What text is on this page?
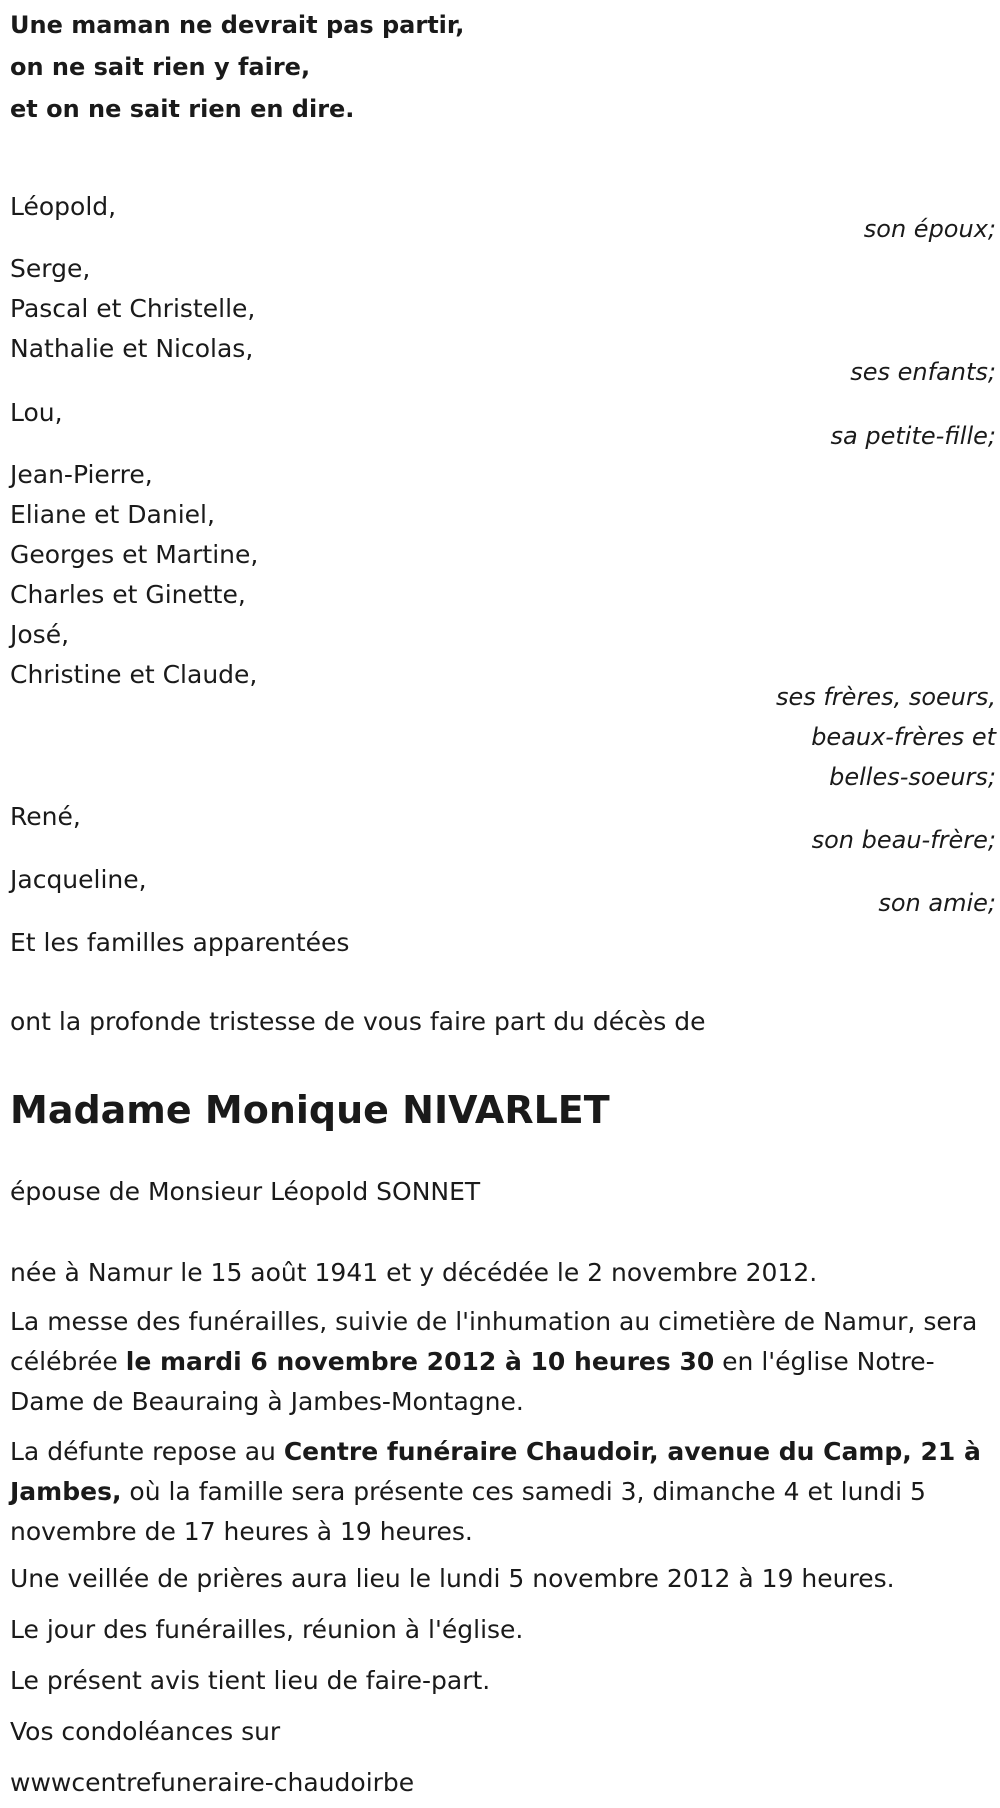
Une maman ne devrait pas partir,
on ne sait rien y faire,
et on ne sait rien en dire.
Léopold,
son époux;
Serge,
Pascal et Christelle,
Nathalie et Nicolas,
ses enfants;
Lou,
sa petite-fille;
Jean-Pierre,
Eliane et Daniel,
Georges et Martine,
Charles et Ginette,
José,
Christine et Claude,
ses frères, soeurs,
beaux-frères et
belles-soeurs;
René,
son beau-frère;
Jacqueline,
son amie;
Et les familles apparentées
ont la profonde tristesse de vous faire part du décès de
Madame Monique NIVARLET
épouse de Monsieur Léopold SONNET
née à Namur le 15 août 1941 et y décédée le 2 novembre 2012.
La messe des funérailles, suivie de l'inhumation au cimetière de Namur, sera célébrée le mardi 6 novembre 2012 à 10 heures 30 en l'église Notre-Dame de Beauraing à Jambes-Montagne.
La défunte repose au Centre funéraire Chaudoir, avenue du Camp, 21 à Jambes, où la famille sera présente ces samedi 3, dimanche 4 et lundi 5 novembre de 17 heures à 19 heures.
Une veillée de prières aura lieu le lundi 5 novembre 2012 à 19 heures.
Le jour des funérailles, réunion à l'église.
Le présent avis tient lieu de faire-part.
Vos condoléances sur
wwwcentrefuneraire-chaudoirbe
